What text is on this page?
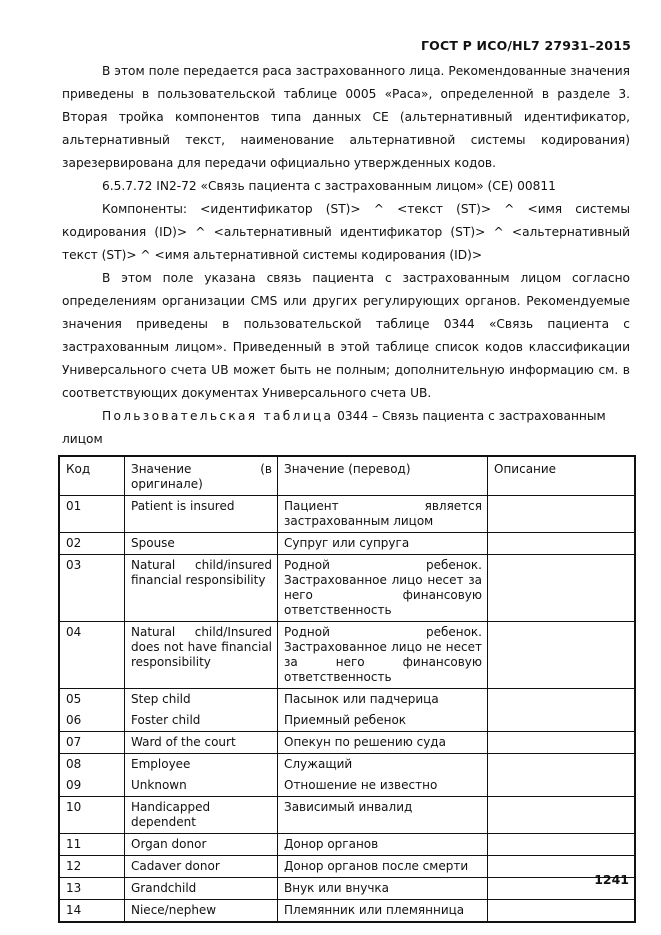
ГОСТ Р ИСО/HL7 27931–2015

В этом поле передается раса застрахованного лица. Рекомендованные значения приведены в пользовательской таблице 0005 «Раса», определенной в разделе 3. Вторая тройка компонентов типа данных CE (альтернативный идентификатор, альтернативный текст, наименование альтернативной системы кодирования) зарезервирована для передачи официально утвержденных кодов.

6.5.7.72 IN2-72 «Связь пациента с застрахованным лицом» (CE) 00811

Компоненты: <идентификатор (ST)> ^ <текст (ST)> ^ <имя системы кодирования (ID)> ^ <альтернативный идентификатор (ST)> ^ <альтернативный текст (ST)> ^ <имя альтернативной системы кодирования (ID)>

В этом поле указана связь пациента с застрахованным лицом согласно определениям организации CMS или других регулирующих органов. Рекомендуемые значения приведены в пользовательской таблице 0344 «Связь пациента с застрахованным лицом». Приведенный в этой таблице список кодов классификации Универсального счета UB может быть не полным; дополнительную информацию см. в соответствующих документах Универсального счета UB.

Пользовательская таблица 0344 – Связь пациента с застрахованным лицом

Код	Значение (в оригинале)	Значение (перевод)	Описание
01	Patient is insured	Пациент является застрахованным лицом	
02	Spouse	Супруг или супруга	
03	Natural child/insured financial responsibility	Родной ребенок. Застрахованное лицо несет за него финансовую ответственность	
04	Natural child/Insured does not have financial responsibility	Родной ребенок. Застрахованное лицо не несет за него финансовую ответственность	
05	Step child	Пасынок или падчерица	
06	Foster child	Приемный ребенок	
07	Ward of the court	Опекун по решению суда	
08	Employee	Служащий	
09	Unknown	Отношение не известно	
10	Handicapped dependent	Зависимый инвалид	
11	Organ donor	Донор органов	
12	Cadaver donor	Донор органов после смерти	
13	Grandchild	Внук или внучка	
14	Niece/nephew	Племянник или племянница	
1241
